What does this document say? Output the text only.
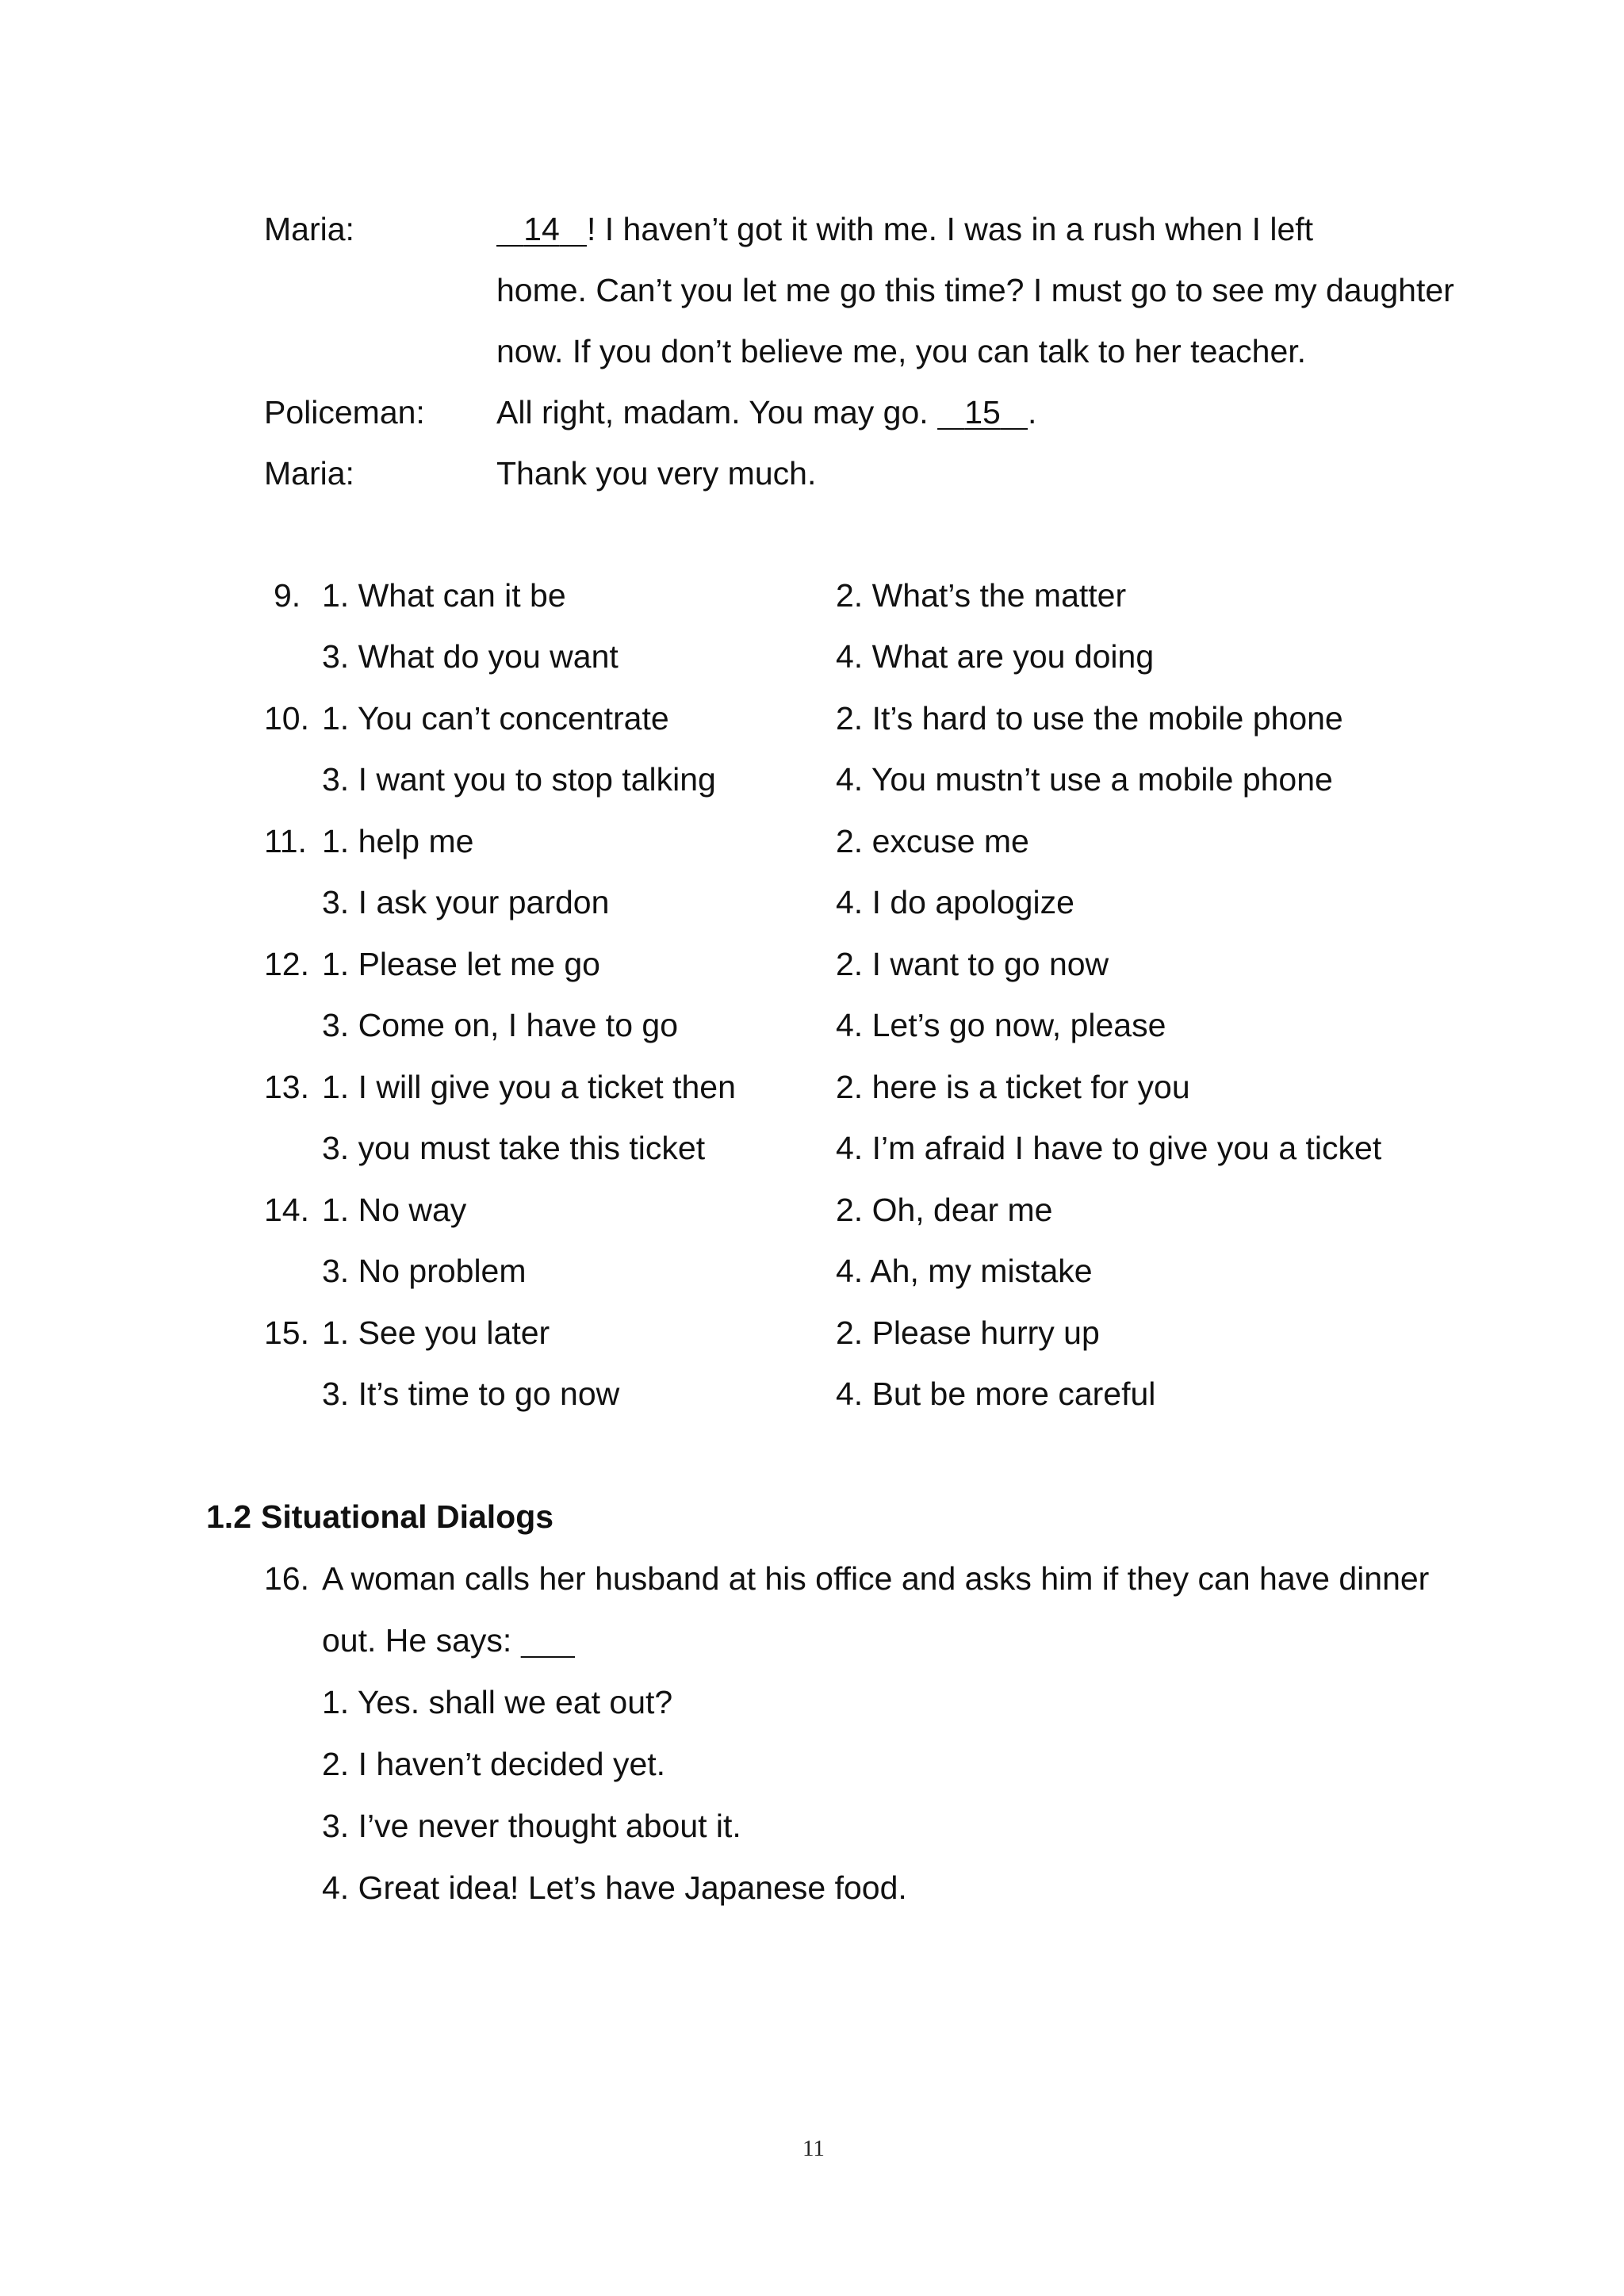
Maria:	14 ! I haven’t got it with me. I was in a rush when I left
home. Can’t you let me go this time? I must go to see my daughter
now. If you don’t believe me, you can talk to her teacher.
Policeman: All right, madam. You may go.    15 .
Maria:	Thank you very much.
9. 1. What can it be	2. What’s the matter
3. What do you want	4. What are you doing
10. 1. You can’t concentrate	2. It’s hard to use the mobile phone
3. I want you to stop talking	4. You mustn’t use a mobile phone
11. 1. help me	2. excuse me
3. I ask your pardon	4. I do apologize
12. 1. Please let me go	2. I want to go now
3. Come on, I have to go	4. Let’s go now, please
13. 1. I will give you a ticket then	2. here is a ticket for you
3. you must take this ticket	4. I’m afraid I have to give you a ticket
14. 1. No way	2. Oh, dear me
3. No problem	4. Ah, my mistake
15. 1. See you later	2. Please hurry up
3. It’s time to go now	4. But be more careful
1.2 Situational Dialogs
16. A woman calls her husband at his office and asks him if they can have dinner
out. He says:
1. Yes. shall we eat out?
2. I haven’t decided yet.
3. I’ve never thought about it.
4. Great idea! Let’s have Japanese food.
11
